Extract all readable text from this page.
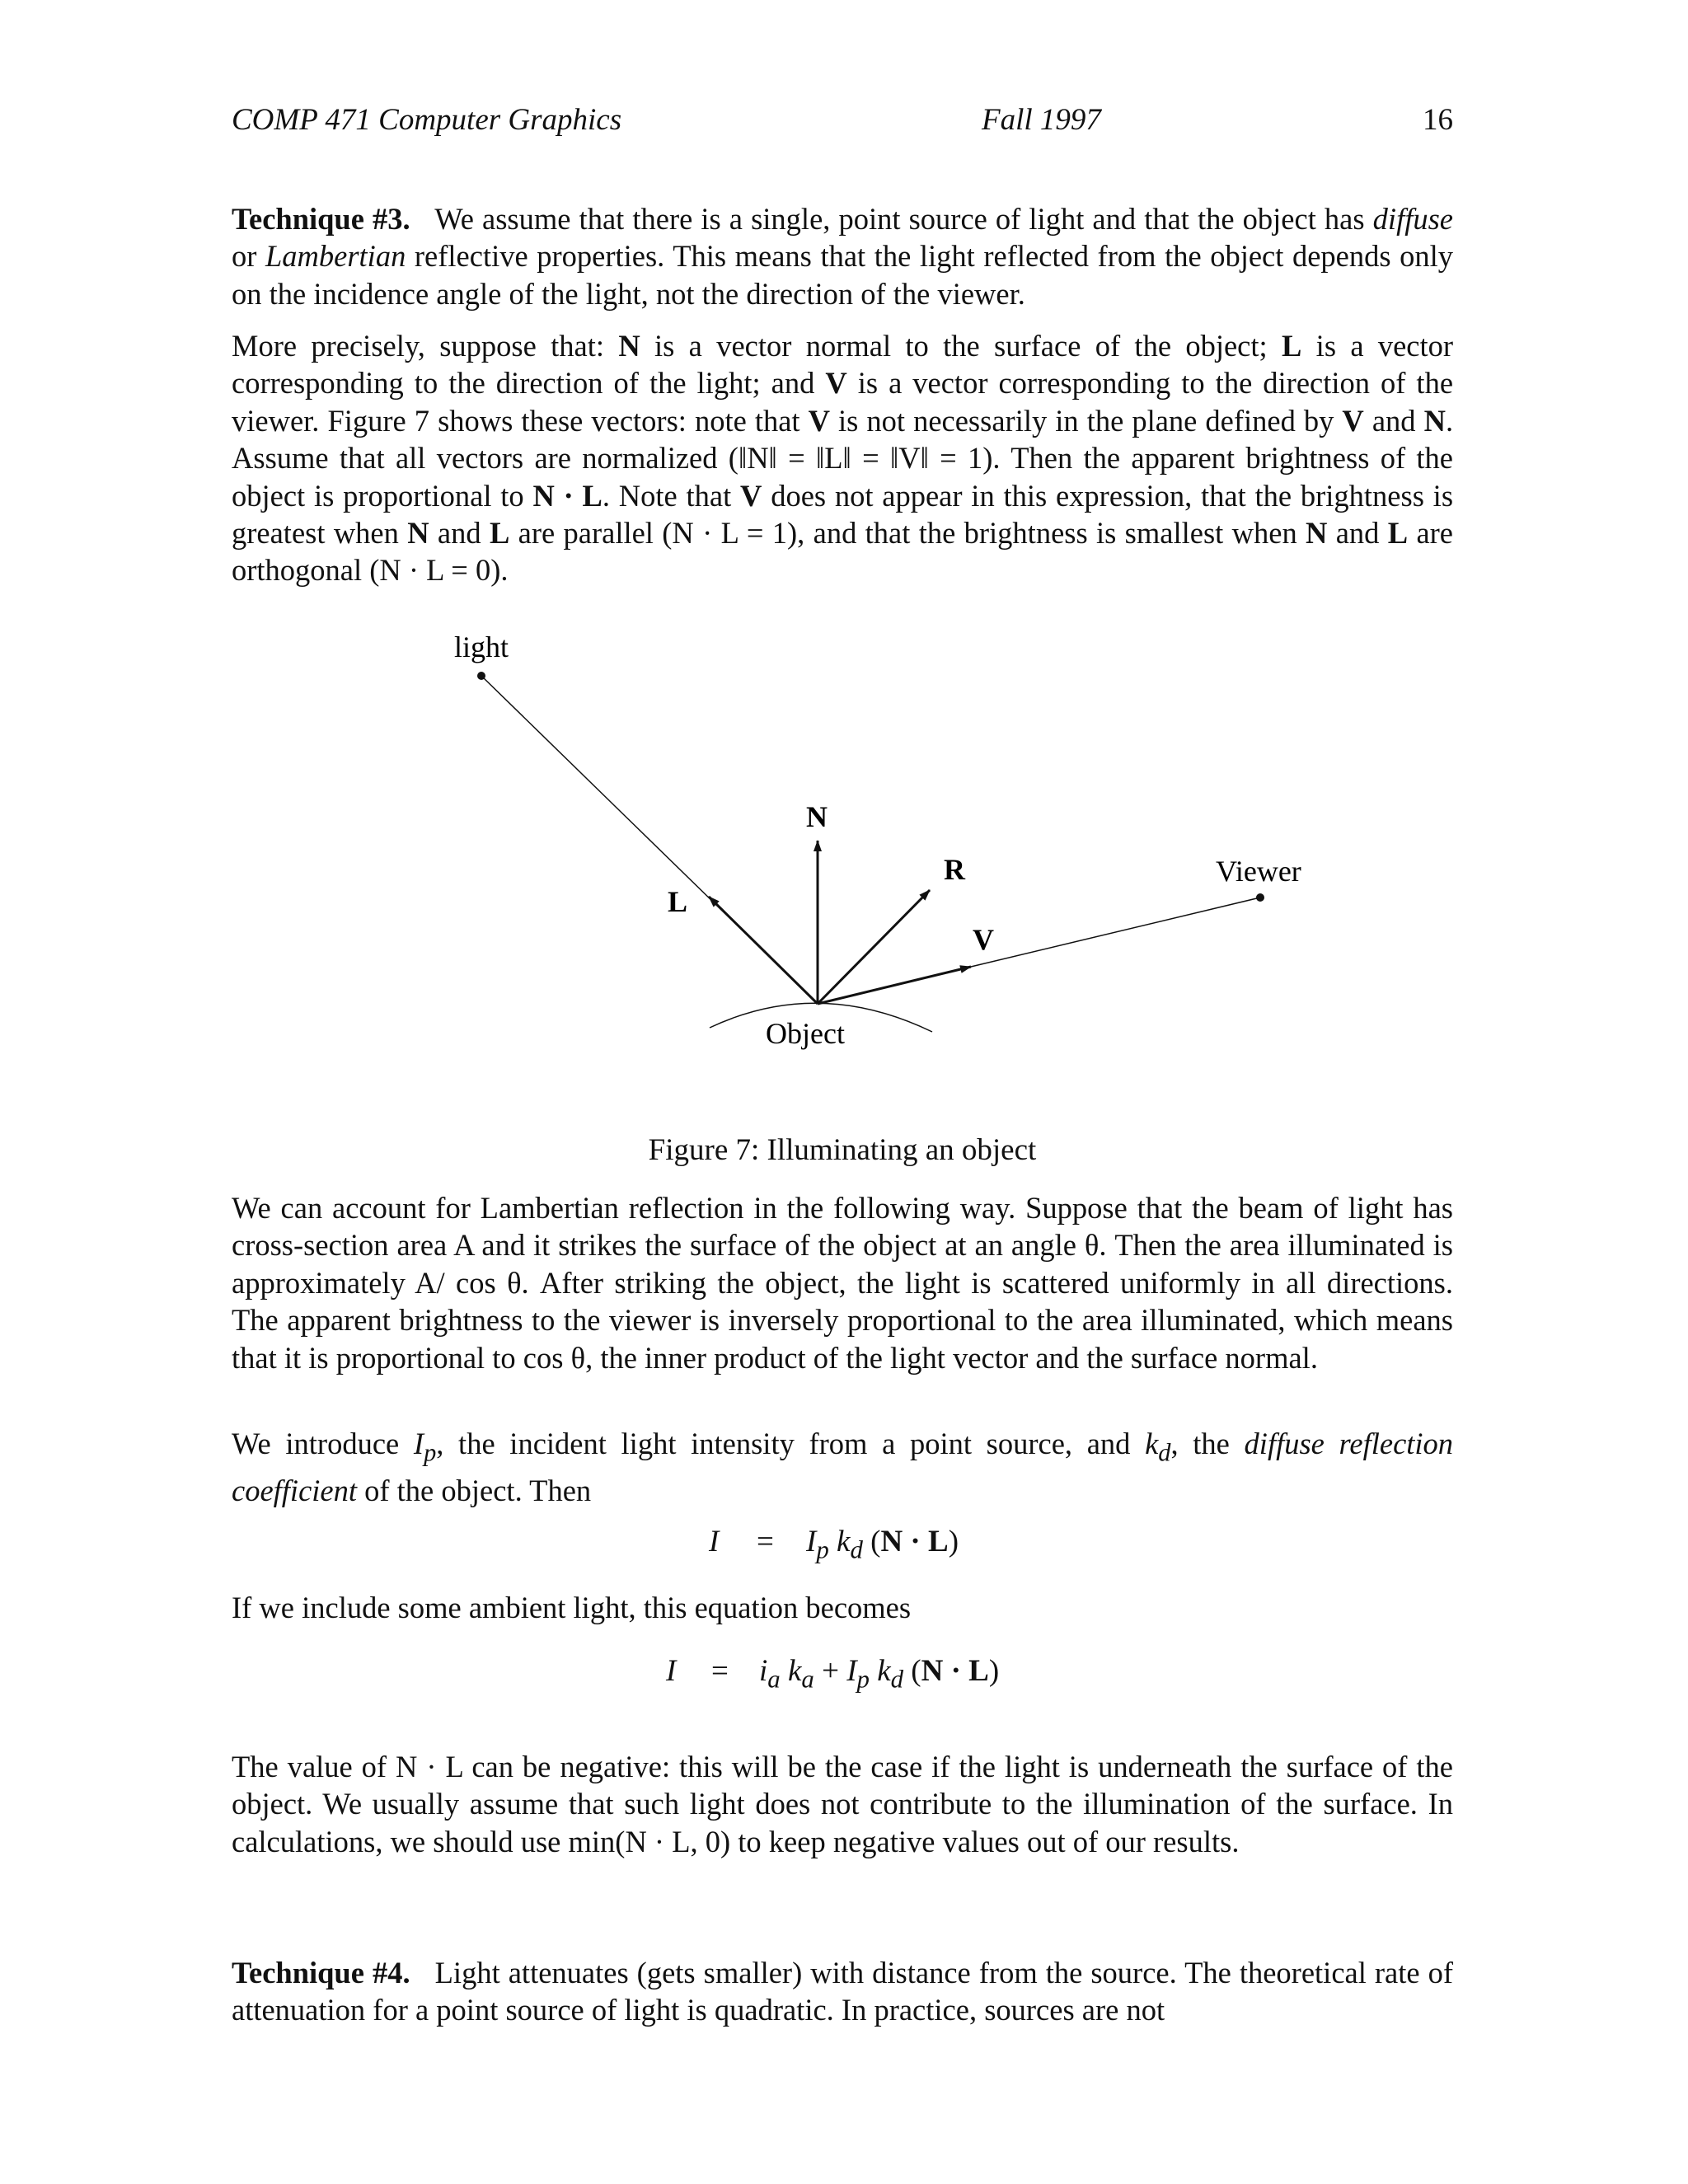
COMP 471 Computer Graphics	Fall 1997	16
Technique #3. We assume that there is a single, point source of light and that the object has diffuse or Lambertian reflective properties. This means that the light reflected from the object depends only on the incidence angle of the light, not the direction of the viewer.
More precisely, suppose that: N is a vector normal to the surface of the object; L is a vector corresponding to the direction of the light; and V is a vector corresponding to the direction of the viewer. Figure 7 shows these vectors: note that V is not necessarily in the plane defined by V and N. Assume that all vectors are normalized (‖N‖ = ‖L‖ = ‖V‖ = 1). Then the apparent brightness of the object is proportional to N · L. Note that V does not appear in this expression, that the brightness is greatest when N and L are parallel (N · L = 1), and that the brightness is smallest when N and L are orthogonal (N · L = 0).
light
N
L
R
V
Viewer
Object
Figure 7: Illuminating an object
We can account for Lambertian reflection in the following way. Suppose that the beam of light has cross-section area A and it strikes the surface of the object at an angle θ. Then the area illuminated is approximately A/ cos θ. After striking the object, the light is scattered uniformly in all directions. The apparent brightness to the viewer is inversely proportional to the area illuminated, which means that it is proportional to cos θ, the inner product of the light vector and the surface normal.
We introduce $I_p$, the incident light intensity from a point source, and $k_d$, the diffuse reflection coefficient of the object. Then
$I = I_p$ $k_d$ (N · L)
If we include some ambient light, this equation becomes
$I = i_a$ $k_a + I_p$ $k_d$ (N · L)
The value of N · L can be negative: this will be the case if the light is underneath the surface of the object. We usually assume that such light does not contribute to the illumination of the surface. In calculations, we should use min(N · L, 0) to keep negative values out of our results.
Technique #4. Light attenuates (gets smaller) with distance from the source. The theoretical rate of attenuation for a point source of light is quadratic. In practice, sources are not
